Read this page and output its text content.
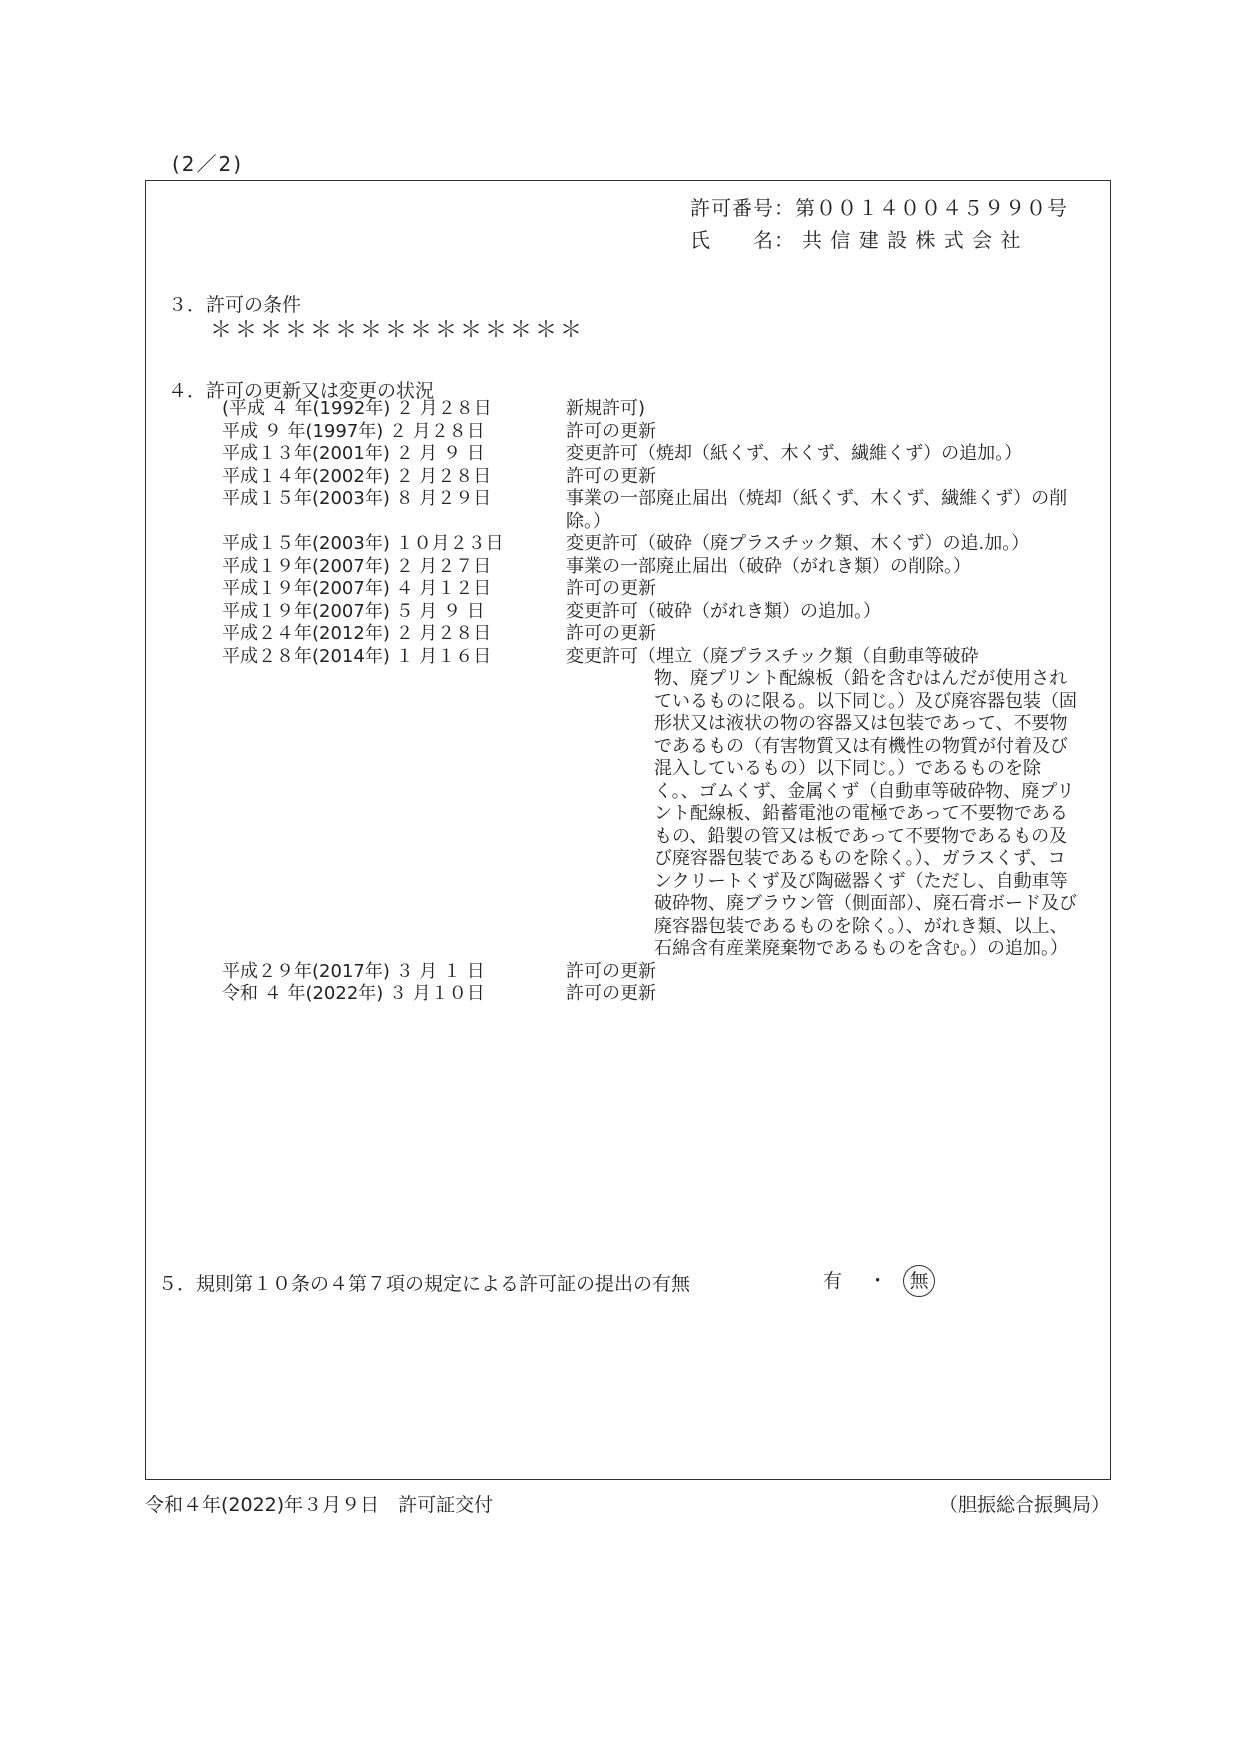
(2／2)
許可番号：第００１４００４５９９０号
氏　　名： 共 信 建 設 株 式 会 社
３．許可の条件
＊＊＊＊＊＊＊＊＊＊＊＊＊＊＊
４．許可の更新又は変更の状況
(平成 ４ 年(1992年) ２ 月２８日	新規許可)
平成 ９ 年(1997年) ２ 月２８日	許可の更新
平成１３年(2001年) ２ 月 ９ 日	変更許可（焼却（紙くず、木くず、繊維くず）の追加。）
平成１４年(2002年) ２ 月２８日	許可の更新
平成１５年(2003年) ８ 月２９日	事業の一部廃止届出（焼却（紙くず、木くず、繊維くず）の削除。）
平成１５年(2003年) １０月２３日	変更許可（破砕（廃プラスチック類、木くず）の追.加。）
平成１９年(2007年) ２ 月２７日	事業の一部廃止届出（破砕（がれき類）の削除。）
平成１９年(2007年) ４ 月１２日	許可の更新
平成１９年(2007年) ５ 月 ９ 日	変更許可（破砕（がれき類）の追加。）
平成２４年(2012年) ２ 月２８日	許可の更新
平成２８年(2014年) １ 月１６日	変更許可（埋立（廃プラスチック類（自動車等破砕
物、廃プリント配線板（鉛を含むはんだが使用されているものに限る。以下同じ。）及び廃容器包装（固形状又は液状の物の容器又は包装であって、不要物であるもの（有害物質又は有機性の物質が付着及び混入しているもの）以下同じ。）であるものを除く。、ゴムくず、金属くず（自動車等破砕物、廃プリント配線板、鉛蓄電池の電極であって不要物であるもの、鉛製の管又は板であって不要物であるもの及び廃容器包装であるものを除く。）、ガラスくず、コンクリートくず及び陶磁器くず（ただし、自動車等破砕物、廃ブラウン管（側面部）、廃石膏ボード及び廃容器包装であるものを除く。）、がれき類、以上、石綿含有産業廃棄物であるものを含む。）の追加。）
平成２９年(2017年) ３ 月 １ 日	許可の更新
令和 ４ 年(2022年) ３ 月１０日	許可の更新
５．規則第１０条の４第７項の規定による許可証の提出の有無	有 ・ 無
令和４年(2022)年３月９日　許可証交付	（胆振総合振興局）
